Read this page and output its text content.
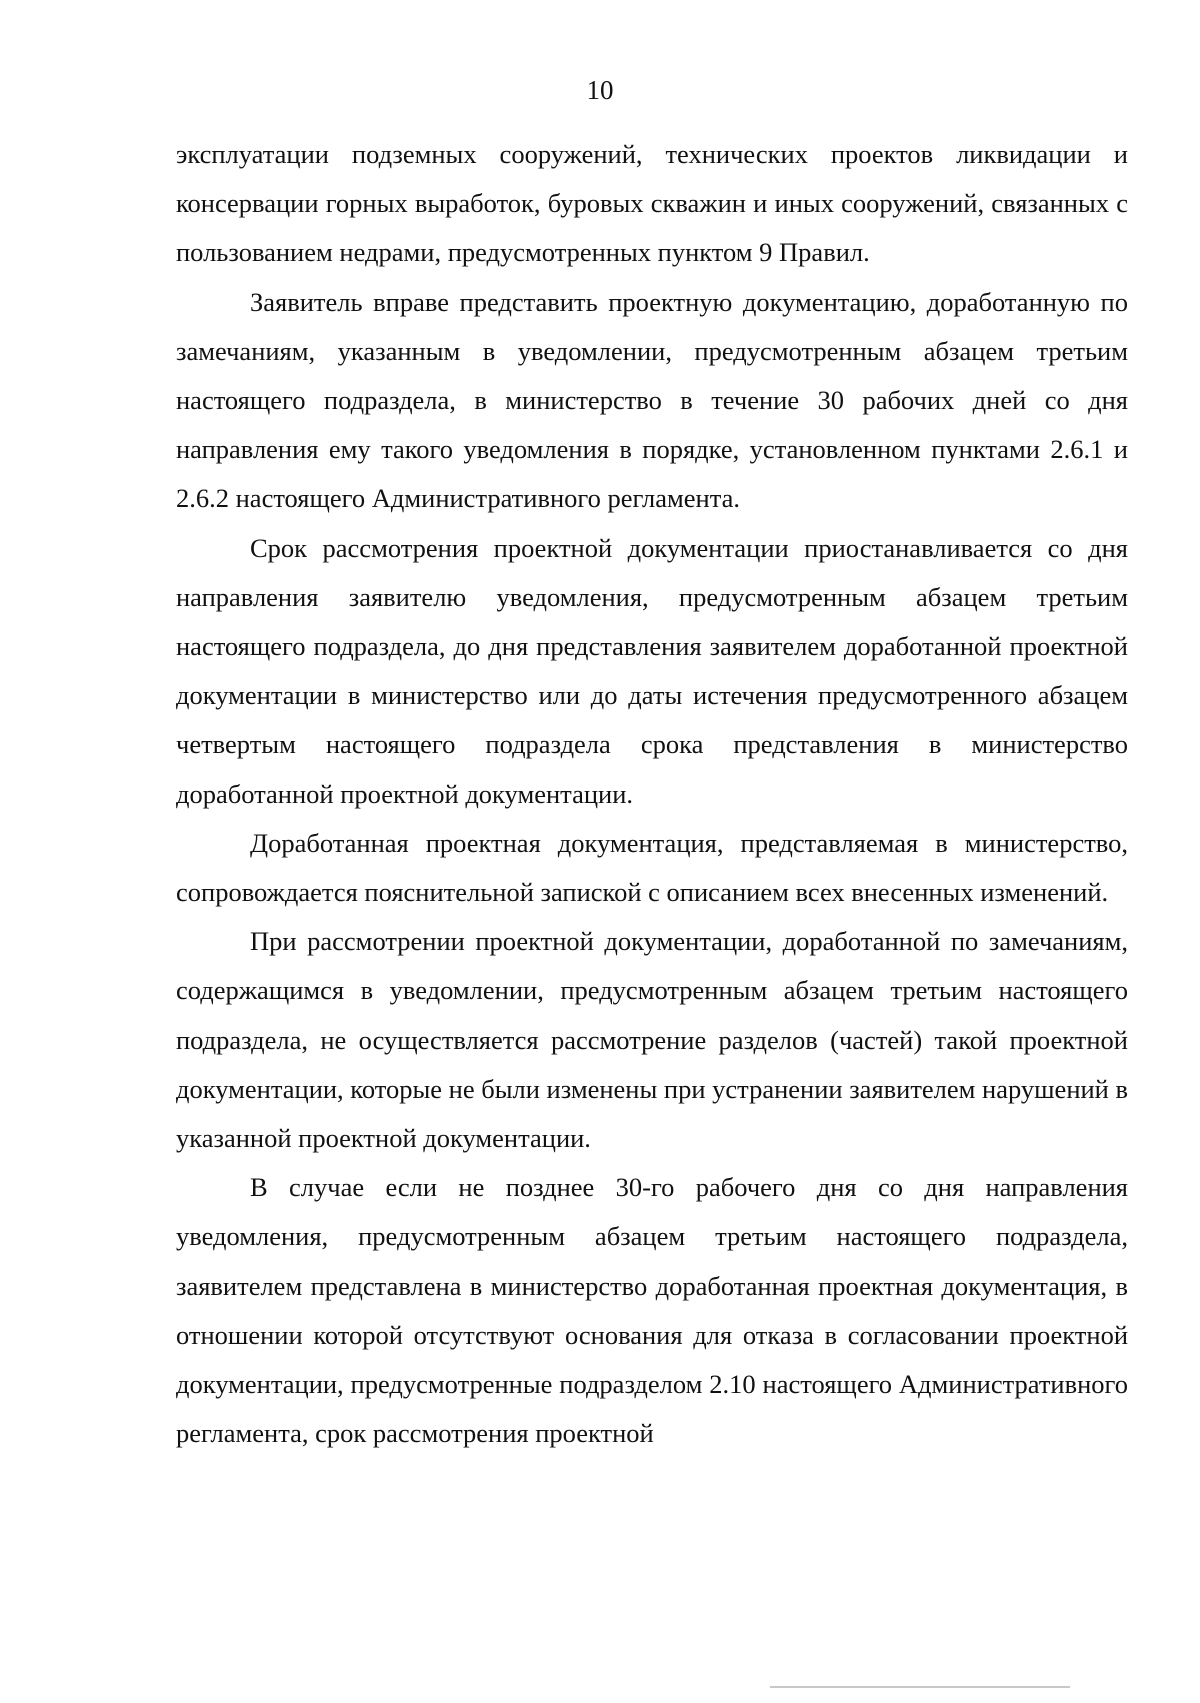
10

эксплуатации подземных сооружений, технических проектов ликвидации и консервации горных выработок, буровых скважин и иных сооружений, связанных с пользованием недрами, предусмотренных пунктом 9 Правил.

Заявитель вправе представить проектную документацию, доработанную по замечаниям, указанным в уведомлении, предусмотренным абзацем третьим настоящего подраздела, в министерство в течение 30 рабочих дней со дня направления ему такого уведомления в порядке, установленном пунктами 2.6.1 и 2.6.2 настоящего Административного регламента.

Срок рассмотрения проектной документации приостанавливается со дня направления заявителю уведомления, предусмотренным абзацем третьим настоящего подраздела, до дня представления заявителем доработанной проектной документации в министерство или до даты истечения предусмотренного абзацем четвертым настоящего подраздела срока представления в министерство доработанной проектной документации.

Доработанная проектная документация, представляемая в министерство, сопровождается пояснительной запиской с описанием всех внесенных изменений.

При рассмотрении проектной документации, доработанной по замечаниям, содержащимся в уведомлении, предусмотренным абзацем третьим настоящего подраздела, не осуществляется рассмотрение разделов (частей) такой проектной документации, которые не были изменены при устранении заявителем нарушений в указанной проектной документации.

В случае если не позднее 30-го рабочего дня со дня направления уведомления, предусмотренным абзацем третьим настоящего подраздела, заявителем представлена в министерство доработанная проектная документация, в отношении которой отсутствуют основания для отказа в согласовании проектной документации, предусмотренные подразделом 2.10 настоящего Административного регламента, срок рассмотрения проектной
